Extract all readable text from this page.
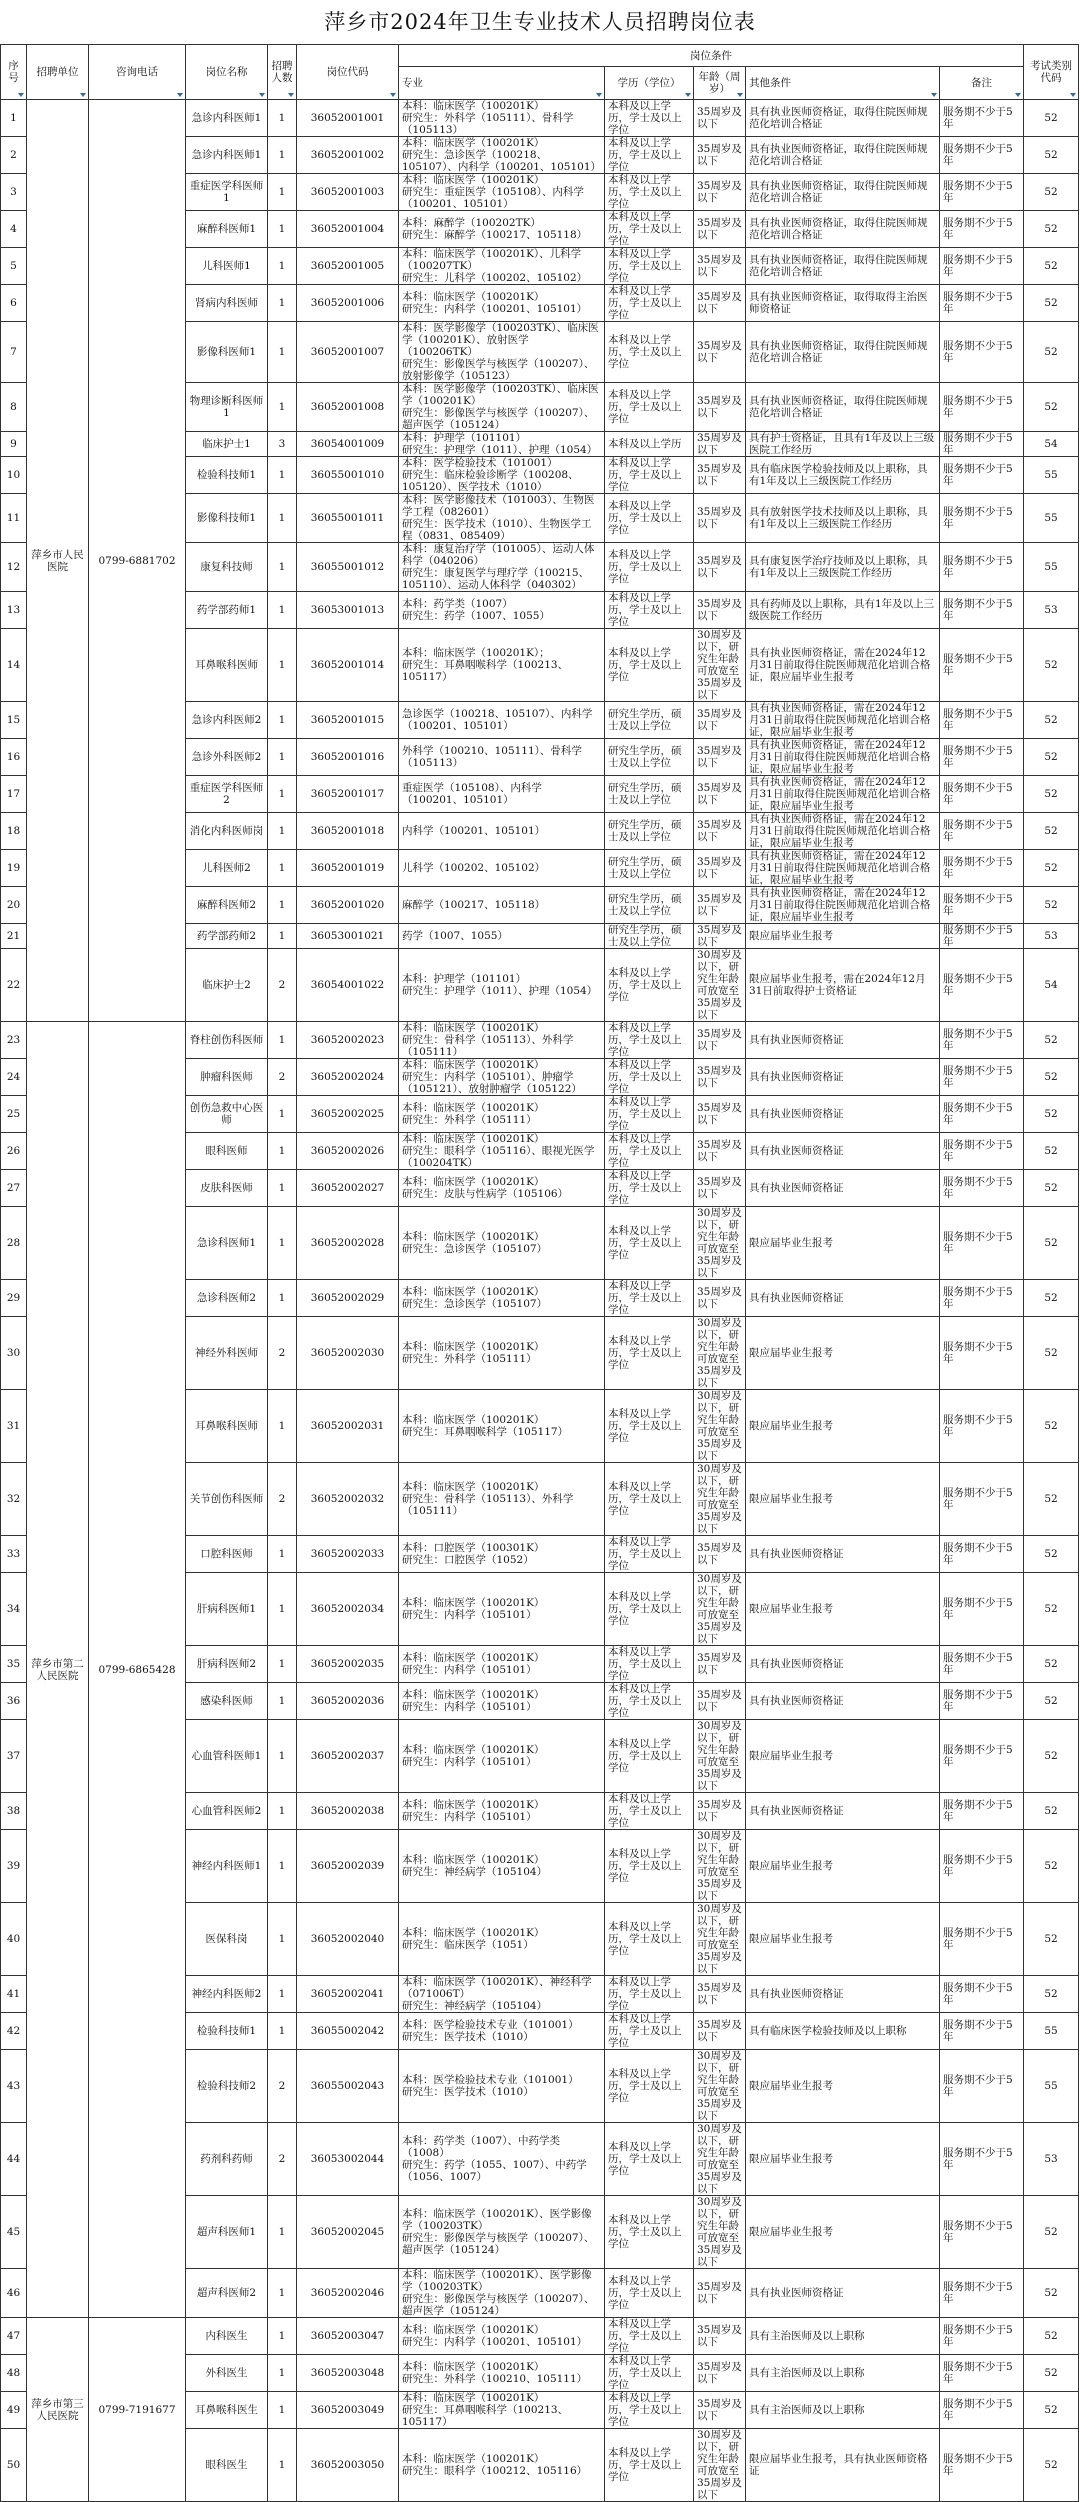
萍乡市2024年卫生专业技术人员招聘岗位表
序号	招聘单位	咨询电话	岗位名称	招聘人数	岗位代码	岗位条件					考试类别代码
						专业	学历（学位）	年龄（周岁）	其他条件	备注	
1	萍乡市人民医院	0799-6881702	急诊内科医师1	1	36052001001	本科：临床医学（100201K）
研究生：外科学（105111）、骨科学（105113）	本科及以上学历，学士及以上学位	35周岁及以下	具有执业医师资格证，取得住院医师规范化培训合格证	服务期不少于5年	52
2			急诊内科医师1	1	36052001002	本科：临床医学（100201K）
研究生：急诊医学（100218、105107）、内科学（100201、105101）	本科及以上学历，学士及以上学位	35周岁及以下	具有执业医师资格证，取得住院医师规范化培训合格证	服务期不少于5年	52
3			重症医学科医师1	1	36052001003	本科：临床医学（100201K）
研究生：重症医学（105108）、内科学（100201、105101）	本科及以上学历，学士及以上学位	35周岁及以下	具有执业医师资格证，取得住院医师规范化培训合格证	服务期不少于5年	52
4			麻醉科医师1	1	36052001004	本科：麻醉学（100202TK）
研究生：麻醉学（100217、105118）	本科及以上学历，学士及以上学位	35周岁及以下	具有执业医师资格证，取得住院医师规范化培训合格证	服务期不少于5年	52
5			儿科医师1	1	36052001005	本科：临床医学（100201K）、儿科学（100207TK）
研究生：儿科学（100202、105102）	本科及以上学历，学士及以上学位	35周岁及以下	具有执业医师资格证，取得住院医师规范化培训合格证	服务期不少于5年	52
6			肾病内科医师	1	36052001006	本科：临床医学（100201K）
研究生：内科学（100201、105101）	本科及以上学历，学士及以上学位	35周岁及以下	具有执业医师资格证，取得取得主治医师资格证	服务期不少于5年	52
7			影像科医师1	1	36052001007	本科：医学影像学（100203TK）、临床医学（100201K）、放射医学（100206TK）
研究生：影像医学与核医学（100207）、放射影像学（105123）	本科及以上学历，学士及以上学位	35周岁及以下	具有执业医师资格证，取得住院医师规范化培训合格证	服务期不少于5年	52
8			物理诊断科医师1	1	36052001008	本科：医学影像学（100203TK）、临床医学（100201K）
研究生：影像医学与核医学（100207）、超声医学（105124）	本科及以上学历，学士及以上学位	35周岁及以下	具有执业医师资格证，取得住院医师规范化培训合格证	服务期不少于5年	52
9			临床护士1	3	36054001009	本科：护理学（101101）
研究生：护理学（1011）、护理（1054）	本科及以上学历	35周岁及以下	具有护士资格证，且具有1年及以上三级医院工作经历	服务期不少于5年	54
10			检验科技师1	1	36055001010	本科：医学检验技术（101001）
研究生：临床检验诊断学（100208、105120）、医学技术（1010）	本科及以上学历，学士及以上学位	35周岁及以下	具有临床医学检验技师及以上职称，具有1年及以上三级医院工作经历	服务期不少于5年	55
11			影像科技师1	1	36055001011	本科：医学影像技术（101003）、生物医学工程（082601）
研究生：医学技术（1010）、生物医学工程（0831、085409）	本科及以上学历，学士及以上学位	35周岁及以下	具有放射医学技术技师及以上职称，具有1年及以上三级医院工作经历	服务期不少于5年	55
12			康复科技师	1	36055001012	本科：康复治疗学（101005）、运动人体科学（040206）
研究生：康复医学与理疗学（100215、105110）、运动人体科学（040302）	本科及以上学历，学士及以上学位	35周岁及以下	具有康复医学治疗技师及以上职称，具有1年及以上三级医院工作经历	服务期不少于5年	55
13			药学部药师1	1	36053001013	本科：药学类（1007）
研究生：药学（1007、1055）	本科及以上学历，学士及以上学位	35周岁及以下	具有药师及以上职称，具有1年及以上三级医院工作经历	服务期不少于5年	53
14			耳鼻喉科医师	1	36052001014	本科：临床医学（100201K）；
研究生：耳鼻咽喉科学（100213、105117）	本科及以上学历，学士及以上学位	30周岁及以下，研究生年龄可放宽至35周岁及以下	具有执业医师资格证，需在2024年12月31日前取得住院医师规范化培训合格证，限应届毕业生报考	服务期不少于5年	52
15			急诊内科医师2	1	36052001015	急诊医学（100218、105107）、内科学（100201、105101）	研究生学历，硕士及以上学位	35周岁及以下	具有执业医师资格证，需在2024年12月31日前取得住院医师规范化培训合格证，限应届毕业生报考	服务期不少于5年	52
16			急诊外科医师2	1	36052001016	外科学（100210、105111）、骨科学（105113）	研究生学历，硕士及以上学位	35周岁及以下	具有执业医师资格证，需在2024年12月31日前取得住院医师规范化培训合格证，限应届毕业生报考	服务期不少于5年	52
17			重症医学科医师2	1	36052001017	重症医学（105108）、内科学（100201、105101）	研究生学历，硕士及以上学位	35周岁及以下	具有执业医师资格证，需在2024年12月31日前取得住院医师规范化培训合格证，限应届毕业生报考	服务期不少于5年	52
18			消化内科医师岗	1	36052001018	内科学（100201、105101）	研究生学历，硕士及以上学位	35周岁及以下	具有执业医师资格证，需在2024年12月31日前取得住院医师规范化培训合格证，限应届毕业生报考	服务期不少于5年	52
19			儿科医师2	1	36052001019	儿科学（100202、105102）	研究生学历，硕士及以上学位	35周岁及以下	具有执业医师资格证，需在2024年12月31日前取得住院医师规范化培训合格证，限应届毕业生报考	服务期不少于5年	52
20			麻醉科医师2	1	36052001020	麻醉学（100217、105118）	研究生学历，硕士及以上学位	35周岁及以下	具有执业医师资格证，需在2024年12月31日前取得住院医师规范化培训合格证，限应届毕业生报考	服务期不少于5年	52
21			药学部药师2	1	36053001021	药学（1007、1055）	研究生学历，硕士及以上学位	35周岁及以下	限应届毕业生报考	服务期不少于5年	53
22			临床护士2	2	36054001022	本科：护理学（101101）
研究生：护理学（1011）、护理（1054）	本科及以上学历，学士及以上学位	30周岁及以下，研究生年龄可放宽至35周岁及以下	限应届毕业生报考，需在2024年12月31日前取得护士资格证	服务期不少于5年	54
23	萍乡市第二人民医院	0799-6865428	脊柱创伤科医师	1	36052002023	本科：临床医学（100201K）
研究生：骨科学（105113）、外科学（105111）	本科及以上学历，学士及以上学位	35周岁及以下	具有执业医师资格证	服务期不少于5年	52
24			肿瘤科医师	2	36052002024	本科：临床医学（100201K）
研究生：内科学（105101）、肿瘤学（105121）、放射肿瘤学（105122）	本科及以上学历，学士及以上学位	35周岁及以下	具有执业医师资格证	服务期不少于5年	52
25			创伤急救中心医师	1	36052002025	本科：临床医学（100201K）
研究生：外科学（105111）	本科及以上学历，学士及以上学位	35周岁及以下	具有执业医师资格证	服务期不少于5年	52
26			眼科医师	1	36052002026	本科：临床医学（100201K）
研究生：眼科学（105116）、眼视光医学（100204TK）	本科及以上学历，学士及以上学位	35周岁及以下	具有执业医师资格证	服务期不少于5年	52
27			皮肤科医师	1	36052002027	本科：临床医学（100201K）
研究生：皮肤与性病学（105106）	本科及以上学历，学士及以上学位	35周岁及以下	具有执业医师资格证	服务期不少于5年	52
28			急诊科医师1	1	36052002028	本科：临床医学（100201K）
研究生：急诊医学（105107）	本科及以上学历，学士及以上学位	30周岁及以下，研究生年龄可放宽至35周岁及以下	限应届毕业生报考	服务期不少于5年	52
29			急诊科医师2	1	36052002029	本科：临床医学（100201K）
研究生：急诊医学（105107）	本科及以上学历，学士及以上学位	35周岁及以下	具有执业医师资格证	服务期不少于5年	52
30			神经外科医师	2	36052002030	本科：临床医学（100201K）
研究生：外科学（105111）	本科及以上学历，学士及以上学位	30周岁及以下，研究生年龄可放宽至35周岁及以下	限应届毕业生报考	服务期不少于5年	52
31			耳鼻喉科医师	1	36052002031	本科：临床医学（100201K）
研究生：耳鼻咽喉科学（105117）	本科及以上学历，学士及以上学位	30周岁及以下，研究生年龄可放宽至35周岁及以下	限应届毕业生报考	服务期不少于5年	52
32			关节创伤科医师	2	36052002032	本科：临床医学（100201K）
研究生：骨科学（105113）、外科学（105111）	本科及以上学历，学士及以上学位	30周岁及以下，研究生年龄可放宽至35周岁及以下	限应届毕业生报考	服务期不少于5年	52
33			口腔科医师	1	36052002033	本科：口腔医学（100301K）
研究生：口腔医学（1052）	本科及以上学历，学士及以上学位	35周岁及以下	具有执业医师资格证	服务期不少于5年	52
34			肝病科医师1	1	36052002034	本科：临床医学（100201K）
研究生：内科学（105101）	本科及以上学历，学士及以上学位	30周岁及以下，研究生年龄可放宽至35周岁及以下	限应届毕业生报考	服务期不少于5年	52
35			肝病科医师2	1	36052002035	本科：临床医学（100201K）
研究生：内科学（105101）	本科及以上学历，学士及以上学位	35周岁及以下	具有执业医师资格证	服务期不少于5年	52
36			感染科医师	1	36052002036	本科：临床医学（100201K）
研究生：内科学（105101）	本科及以上学历，学士及以上学位	35周岁及以下	具有执业医师资格证	服务期不少于5年	52
37			心血管科医师1	1	36052002037	本科：临床医学（100201K）
研究生：内科学（105101）	本科及以上学历，学士及以上学位	30周岁及以下，研究生年龄可放宽至35周岁及以下	限应届毕业生报考	服务期不少于5年	52
38			心血管科医师2	1	36052002038	本科：临床医学（100201K）
研究生：内科学（105101）	本科及以上学历，学士及以上学位	35周岁及以下	具有执业医师资格证	服务期不少于5年	52
39			神经内科医师1	1	36052002039	本科：临床医学（100201K）
研究生：神经病学（105104）	本科及以上学历，学士及以上学位	30周岁及以下，研究生年龄可放宽至35周岁及以下	限应届毕业生报考	服务期不少于5年	52
40			医保科岗	1	36052002040	本科：临床医学（100201K）
研究生：临床医学（1051）	本科及以上学历，学士及以上学位	30周岁及以下，研究生年龄可放宽至35周岁及以下	限应届毕业生报考	服务期不少于5年	52
41			神经内科医师2	1	36052002041	本科：临床医学（100201K）、神经科学（071006T）
研究生：神经病学（105104）	本科及以上学历，学士及以上学位	35周岁及以下	具有执业医师资格证	服务期不少于5年	52
42			检验科技师1	1	36055002042	本科：医学检验技术专业（101001）
研究生：医学技术（1010）	本科及以上学历，学士及以上学位	35周岁及以下	具有临床医学检验技师及以上职称	服务期不少于5年	55
43			检验科技师2	2	36055002043	本科：医学检验技术专业（101001）
研究生：医学技术（1010）	本科及以上学历，学士及以上学位	30周岁及以下，研究生年龄可放宽至35周岁及以下	限应届毕业生报考	服务期不少于5年	55
44			药剂科药师	2	36053002044	本科：药学类（1007）、中药学类（1008）
研究生：药学（1055、1007）、中药学（1056、1007）	本科及以上学历，学士及以上学位	30周岁及以下，研究生年龄可放宽至35周岁及以下	限应届毕业生报考	服务期不少于5年	53
45			超声科医师1	1	36052002045	本科：临床医学（100201K）、医学影像学（100203TK）
研究生：影像医学与核医学（100207）、超声医学（105124）	本科及以上学历，学士及以上学位	30周岁及以下，研究生年龄可放宽至35周岁及以下	限应届毕业生报考	服务期不少于5年	52
46			超声科医师2	1	36052002046	本科：临床医学（100201K）、医学影像学（100203TK）
研究生：影像医学与核医学（100207）、超声医学（105124）	本科及以上学历，学士及以上学位	35周岁及以下	具有执业医师资格证	服务期不少于5年	52
47	萍乡市第三人民医院	0799-7191677	内科医生	1	36052003047	本科：临床医学（100201K）
研究生：内科学（100201、105101）	本科及以上学历，学士及以上学位	35周岁及以下	具有主治医师及以上职称	服务期不少于5年	52
48			外科医生	1	36052003048	本科：临床医学（100201K）
研究生：外科学（100210、105111）	本科及以上学历，学士及以上学位	35周岁及以下	具有主治医师及以上职称	服务期不少于5年	52
49			耳鼻喉科医生	1	36052003049	本科：临床医学（100201K）
研究生：耳鼻咽喉科学（100213、105117）	本科及以上学历，学士及以上学位	35周岁及以下	具有主治医师及以上职称	服务期不少于5年	52
50			眼科医生	1	36052003050	本科：临床医学（100201K）
研究生：眼科学（100212、105116）	本科及以上学历，学士及以上学位	30周岁及以下，研究生年龄可放宽至35周岁及以下	限应届毕业生报考，具有执业医师资格证	服务期不少于5年	52
